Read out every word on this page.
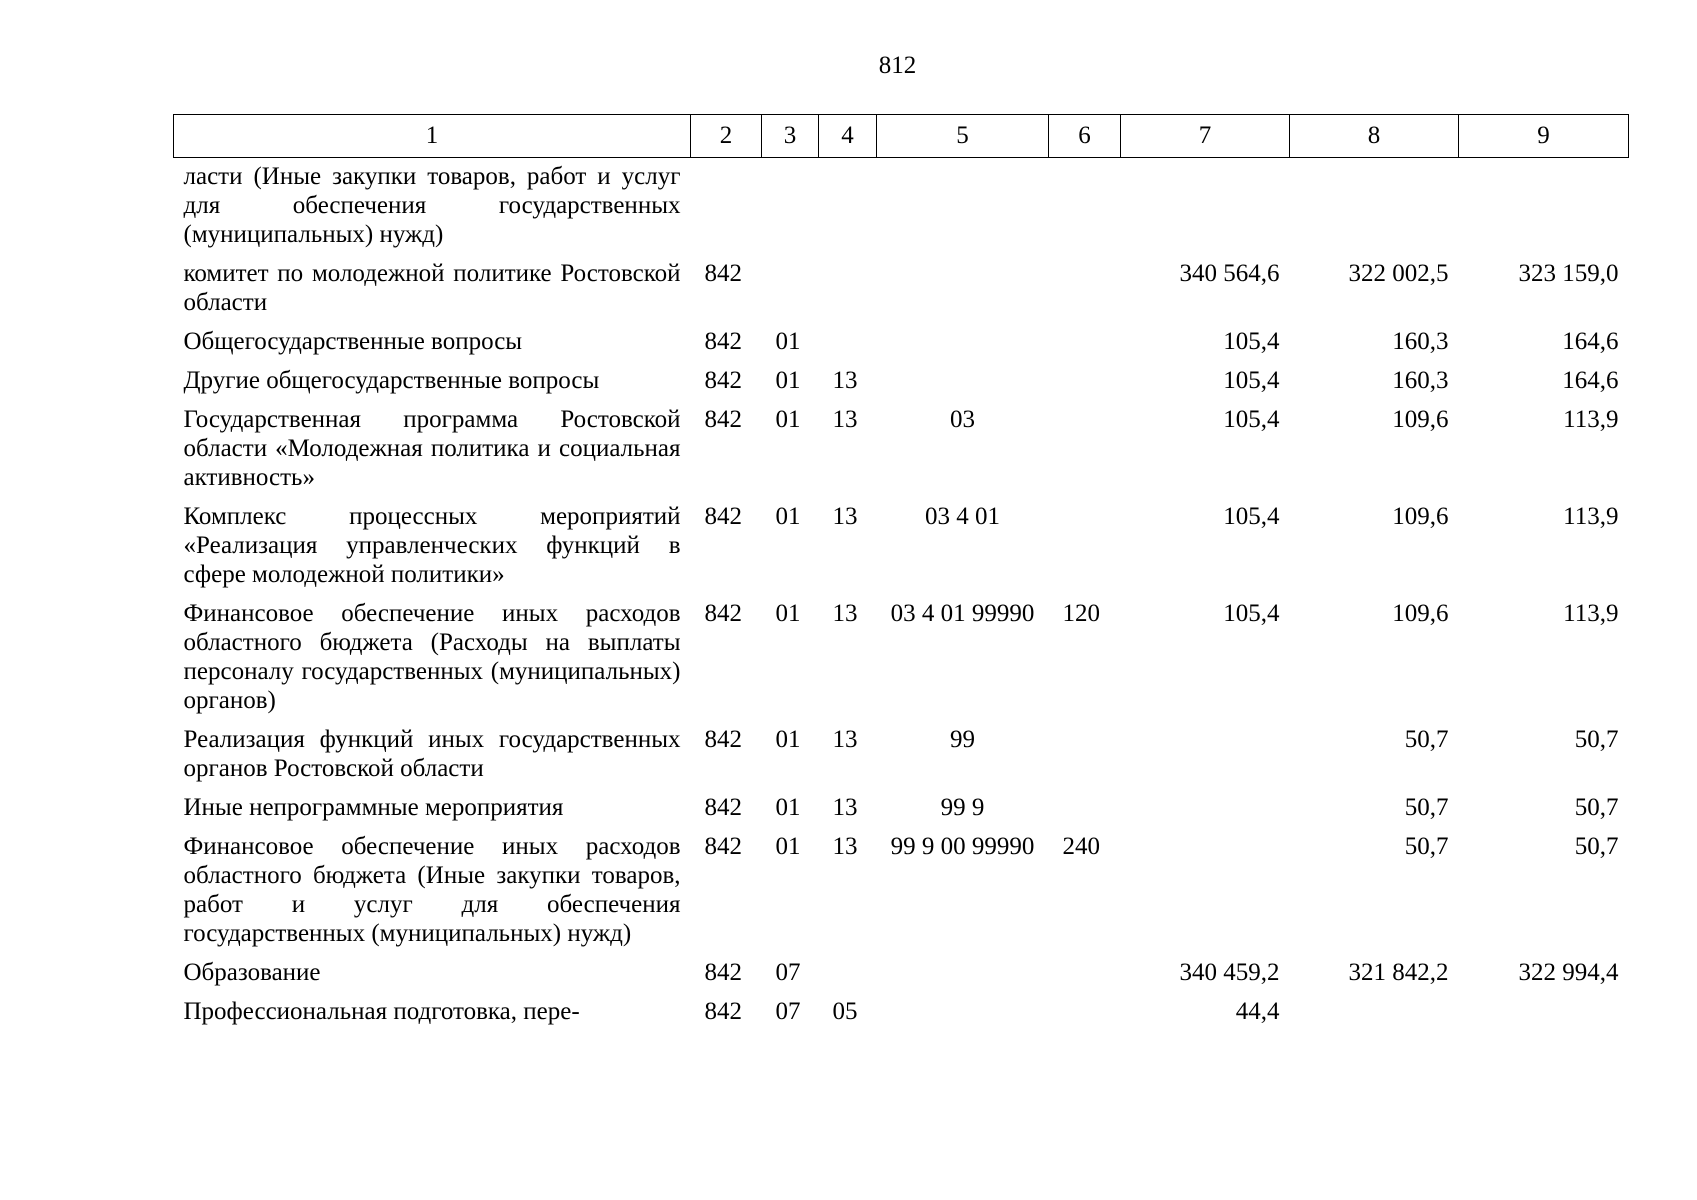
812
1	2	3	4	5	6	7	8	9
ласти (Иные закупки товаров, работ и услуг для обеспечения государственных (муниципальных) нужд)								
комитет по молодежной политике Ростовской области	842					340 564,6	322 002,5	323 159,0
Общегосударственные вопросы	842	01				105,4	160,3	164,6
Другие общегосударственные вопросы	842	01	13			105,4	160,3	164,6
Государственная программа Ростовской области «Молодежная политика и социальная активность»	842	01	13	03		105,4	109,6	113,9
Комплекс процессных мероприятий «Реализация управленческих функций в сфере молодежной политики»	842	01	13	03 4 01		105,4	109,6	113,9
Финансовое обеспечение иных расходов областного бюджета (Расходы на выплаты персоналу государственных (муниципальных) органов)	842	01	13	03 4 01 99990	120	105,4	109,6	113,9
Реализация функций иных государственных органов Ростовской области	842	01	13	99			50,7	50,7
Иные непрограммные мероприятия	842	01	13	99 9			50,7	50,7
Финансовое обеспечение иных расходов областного бюджета (Иные закупки товаров, работ и услуг для обеспечения государственных (муниципальных) нужд)	842	01	13	99 9 00 99990	240		50,7	50,7
Образование	842	07				340 459,2	321 842,2	322 994,4
Профессиональная подготовка, пере-	842	07	05			44,4		
